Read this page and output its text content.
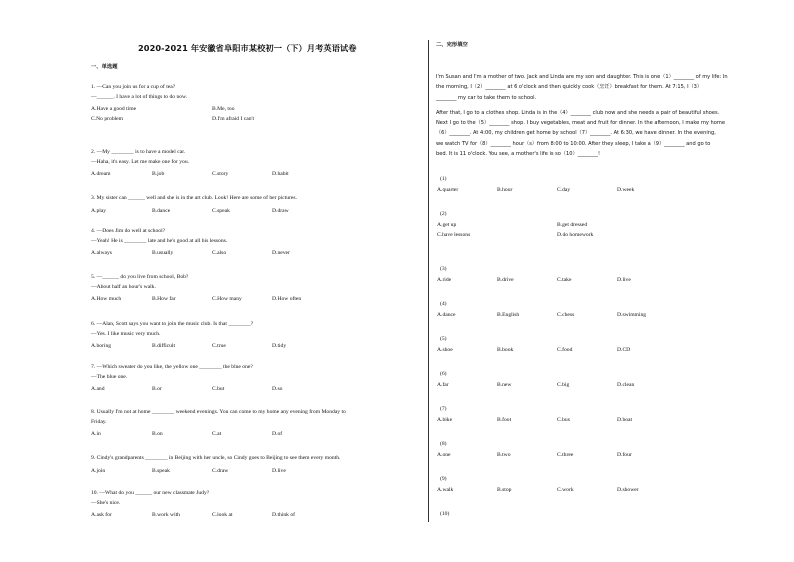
2020-2021 年安徽省阜阳市某校初一（下）月考英语试卷
一、单选题
二、完形填空
1. —Can you join us for a cup of tea?
—______. I have a lot of things to do now.
A.Have a good time	B.Me, too
C.No problem	D.I'm afraid I can't
2. —My ________ is to have a model car.
—Haha, it's easy. Let me make one for you.
A.dream	B.job	C.story	D.habit
3. My sister can ______ well and she is in the art club. Look! Here are some of her pictures.
A.play	B.dance	C.speak	D.draw
4. —Does Jim do well at school?
—Yeah! He is ________ late and he's good at all his lessons.
A.always	B.usually	C.also	D.never
5. —______ do you live from school, Bob?
—About half an hour's walk.
A.How much	B.How far	C.How many	D.How often
6. —Alan, Scott says you want to join the music club. Is that ________?
—Yes. I like music very much.
A.boring	B.difficult	C.true	D.tidy
7. —Which sweater do you like, the yellow one ________ the blue one?
—The blue one.
A.and	B.or	C.but	D.so
8. Usually I'm not at home ________ weekend evenings. You can come to my home any evening from Monday to
Friday.
A.in	B.on	C.at	D.of
9. Cindy's grandparents ________ in Beijing with her uncle, so Cindy goes to Beijing to see them every month.
A.join	B.speak	C.draw	D.live
10. —What do you ______ our new classmate Judy?
—She's nice.
A.ask for	B.work with	C.look at	D.think of
I'm Susan and I'm a mother of two. Jack and Linda are my son and daughter. This is one（1）________ of my life: In
the morning, I（2）________ at 6 o'clock and then quickly cook（烹饪）breakfast for them. At 7:15, I（3）
________ my car to take them to school.
After that, I go to a clothes shop. Linda is in the（4）________ club now and she needs a pair of beautiful shoes.
Next I go to the（5）________ shop. I buy vegetables, meat and fruit for dinner. In the afternoon, I make my home
（6）________. At 4:00, my children get home by school（7）________. At 6:30, we have dinner. In the evening,
we watch TV for（8）________ hour（s）from 8:00 to 10:00. After they sleep, I take a（9）________ and go to
bed. It is 11 o'clock. You see, a mother's life is so（10）________!
(1)
A.quarter	B.hour	C.day	D.week
(2)
A.get up	B.get dressed
C.have lessons	D.do homework
(3)
A.ride	B.drive	C.take	D.live
(4)
A.dance	B.English	C.chess	D.swimming
(5)
A.shoe	B.book	C.food	D.CD
(6)
A.far	B.new	C.big	D.clean
(7)
A.bike	B.foot	C.bus	D.boat
(8)
A.one	B.two	C.three	D.four
(9)
A.walk	B.stop	C.work	D.shower
(10)
